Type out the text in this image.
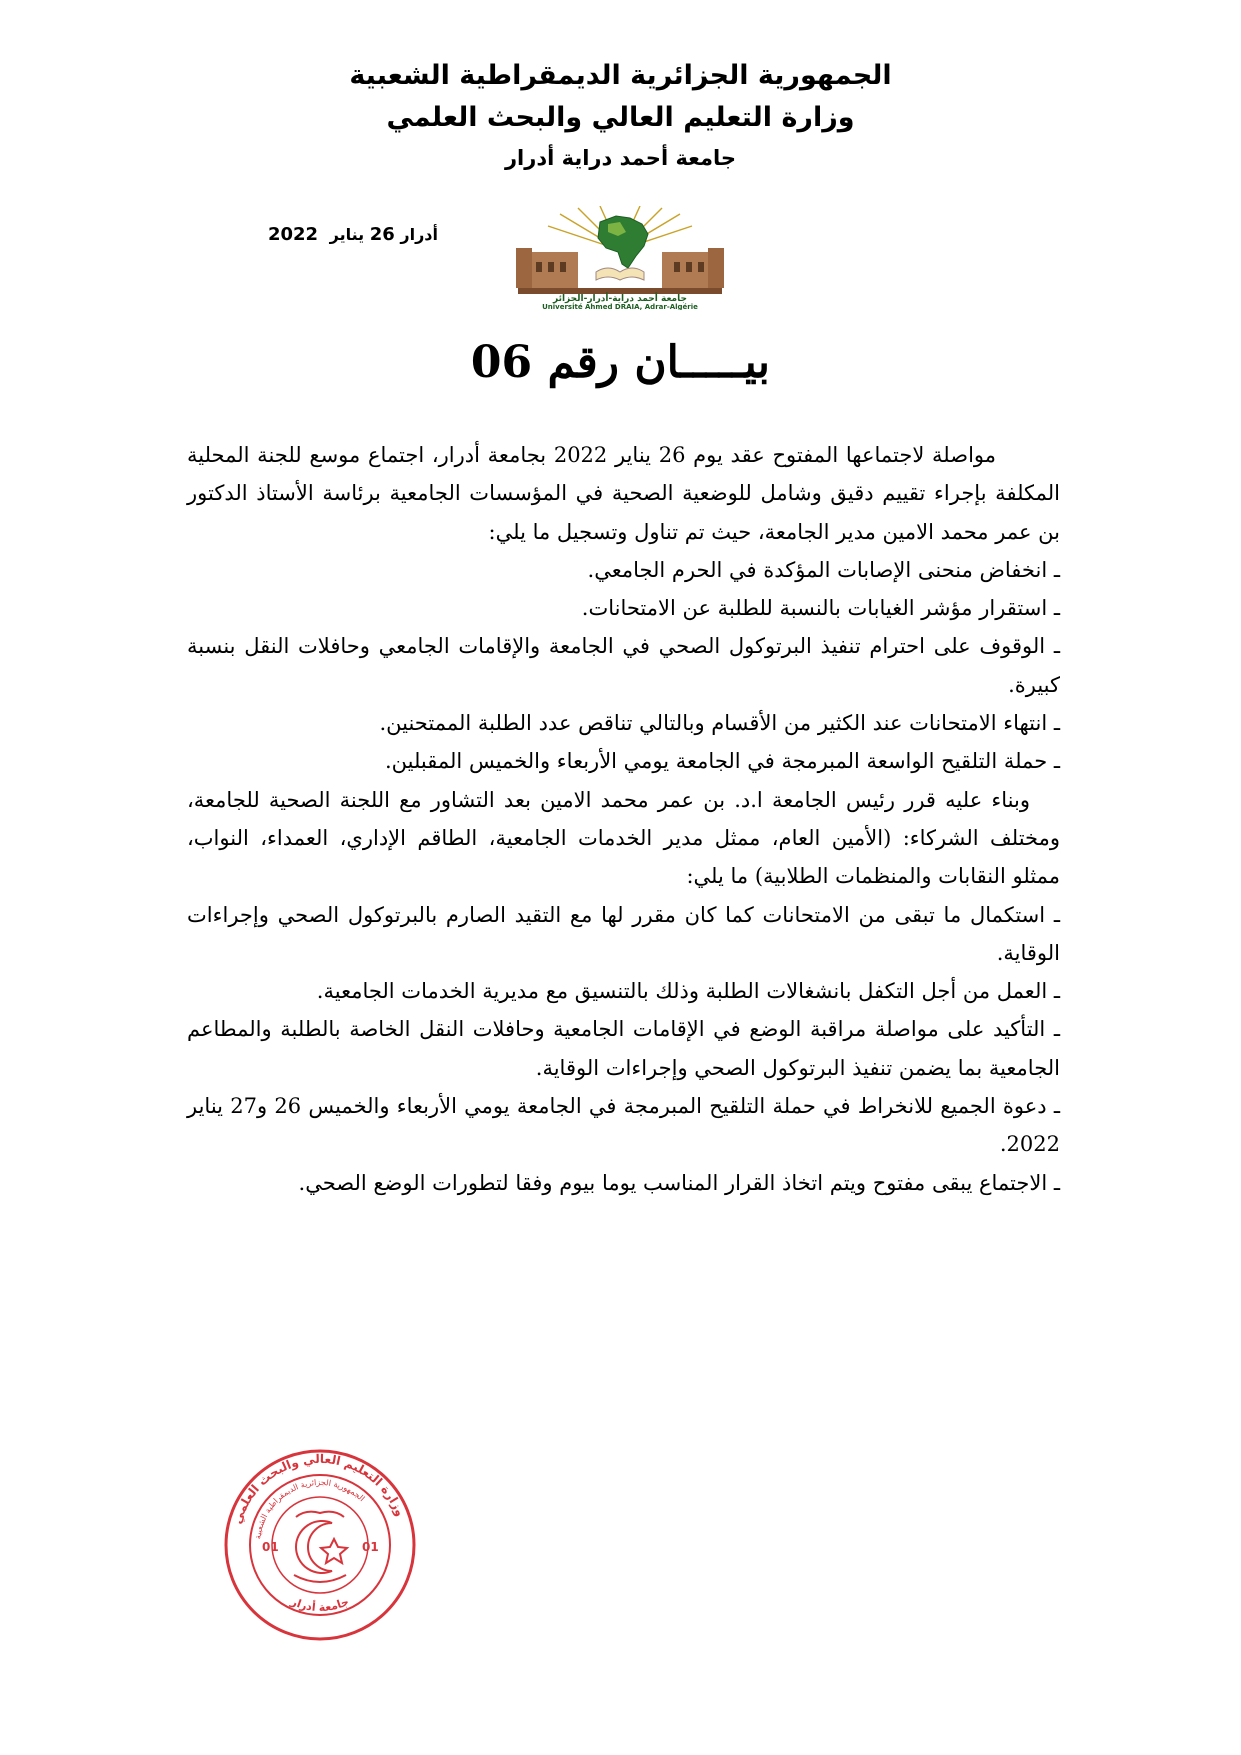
الجمهورية الجزائرية الديمقراطية الشعبية

وزارة التعليم العالي والبحث العلمي

جامعة أحمد دراية أدرار

أدرار 26 يناير 2022
جامعة أحمد دراية-أدرار-الجزائر
Université Ahmed DRAIA, Adrar-Algérie
بيـــــان رقم 06

مواصلة لاجتماعها المفتوح عقد يوم 26 يناير 2022 بجامعة أدرار، اجتماع موسع للجنة المحلية المكلفة بإجراء تقييم دقيق وشامل للوضعية الصحية في المؤسسات الجامعية برئاسة الأستاذ الدكتور بن عمر محمد الامين مدير الجامعة، حيث تم تناول وتسجيل ما يلي:

ـ انخفاض منحنى الإصابات المؤكدة في الحرم الجامعي.

ـ استقرار مؤشر الغيابات بالنسبة للطلبة عن الامتحانات.

ـ الوقوف على احترام تنفيذ البرتوكول الصحي في الجامعة والإقامات الجامعي وحافلات النقل بنسبة كبيرة.

ـ انتهاء الامتحانات عند الكثير من الأقسام وبالتالي تناقص عدد الطلبة الممتحنين.

ـ حملة التلقيح الواسعة المبرمجة في الجامعة يومي الأربعاء والخميس المقبلين.

وبناء عليه قرر رئيس الجامعة ا.د. بن عمر محمد الامين بعد التشاور مع اللجنة الصحية للجامعة، ومختلف الشركاء: (الأمين العام، ممثل مدير الخدمات الجامعية، الطاقم الإداري، العمداء، النواب، ممثلو النقابات والمنظمات الطلابية) ما يلي:

ـ استكمال ما تبقى من الامتحانات كما كان مقرر لها مع التقيد الصارم بالبرتوكول الصحي وإجراءات الوقاية.

ـ العمل من أجل التكفل بانشغالات الطلبة وذلك بالتنسيق مع مديرية الخدمات الجامعية.

ـ التأكيد على مواصلة مراقبة الوضع في الإقامات الجامعية وحافلات النقل الخاصة بالطلبة والمطاعم الجامعية بما يضمن تنفيذ البرتوكول الصحي وإجراءات الوقاية.

ـ دعوة الجميع للانخراط في حملة التلقيح المبرمجة في الجامعة يومي الأربعاء والخميس 26 و27 يناير 2022.

ـ الاجتماع يبقى مفتوح ويتم اتخاذ القرار المناسب يوما بيوم وفقا لتطورات الوضع الصحي.

وزارة التعليم العالي والبحث العلمي
الجمهورية الجزائرية الديمقراطية الشعبية
جامعة أدرار
01	01
